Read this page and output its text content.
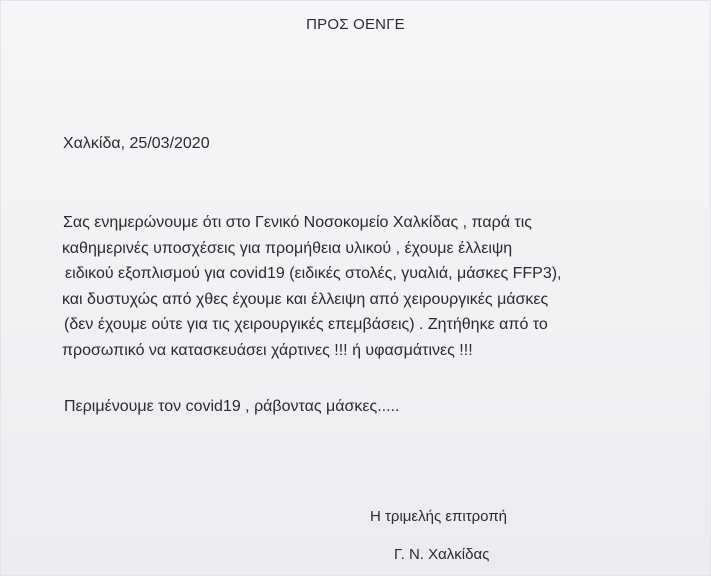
ΠΡΟΣ ΟΕΝΓΕ
Χαλκίδα, 25/03/2020
Σας ενημερώνουμε ότι στο Γενικό Νοσοκομείο Χαλκίδας , παρά τις
καθημερινές υποσχέσεις για προμήθεια υλικού , έχουμε έλλειψη
ειδικού εξοπλισμού για covid19 (ειδικές στολές, γυαλιά, μάσκες FFP3),
και δυστυχώς από χθες έχουμε και έλλειψη από χειρουργικές μάσκες
(δεν έχουμε ούτε για τις χειρουργικές επεμβάσεις) . Ζητήθηκε από το
προσωπικό να κατασκευάσει χάρτινες !!! ή υφασμάτινες !!!
Περιμένουμε τον covid19 , ράβοντας μάσκες.....
Η τριμελής επιτροπή
Γ. Ν. Χαλκίδας
